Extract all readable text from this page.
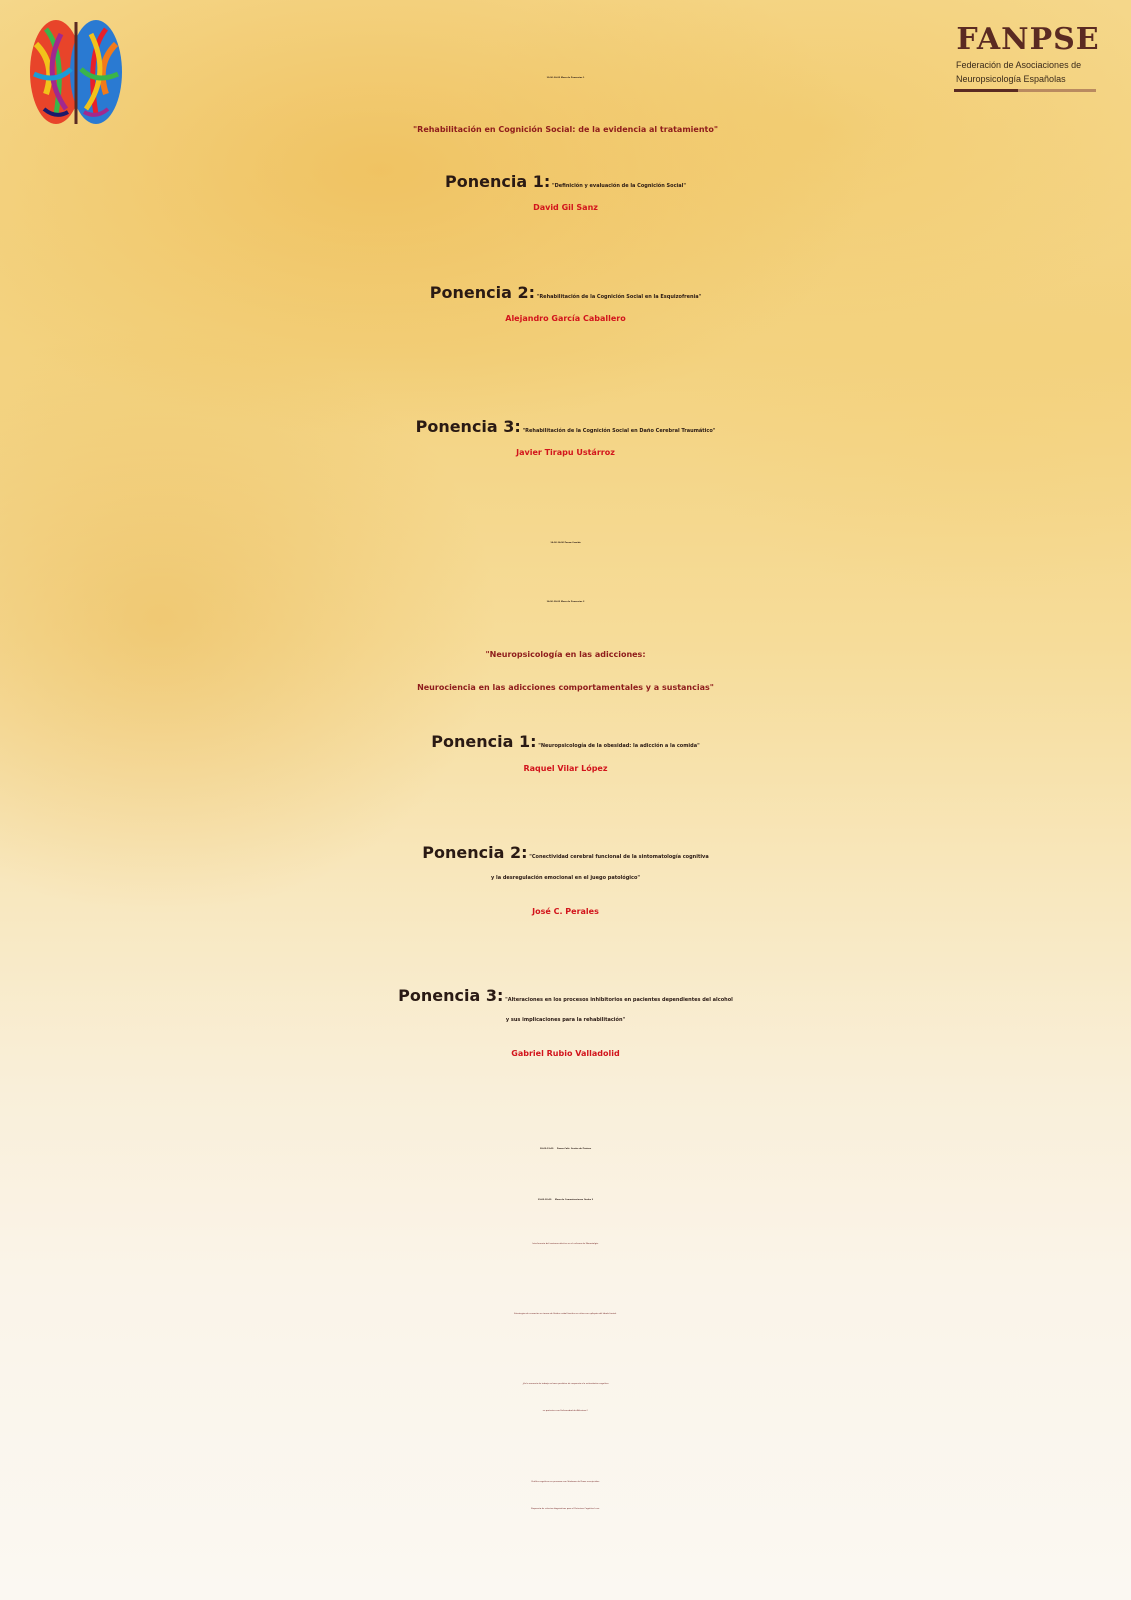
FANPSE
Federación de Asociaciones de
Neuropsicología Españolas
12:00-14:00 Mesa de Ponencias 1
"Rehabilitación en Cognición Social: de la evidencia al tratamiento"
Ponencia 1: "Definición y evaluación de la Cognición Social"
David Gil Sanz
Ponencia 2: "Rehabilitación de la Cognición Social en la Esquizofrenia"
Alejandro García Caballero
Ponencia 3: "Rehabilitación de la Cognición Social en Daño Cerebral Traumático"
Javier Tirapu Ustárroz
14:00-16:00 Pausa-Comida
16:00-18:00 Mesa de Ponencias 2
"Neuropsicología en las adicciones:
Neurociencia en las adicciones comportamentales y a sustancias"
Ponencia 1: "Neuropsicología de la obesidad: la adicción a la comida"
Raquel Vilar López
Ponencia 2: "Conectividad cerebral funcional de la sintomatología cognitiva
y la desregulación emocional en el juego patológico"
José C. Perales
Ponencia 3: "Alteraciones en los procesos inhibitorios en pacientes dependientes del alcohol
y sus implicaciones para la rehabilitación"
Gabriel Rubio Valladolid
18:00-19:00 Pausa-Café. Sesión de Pósters
19:00-20:00 Mesa de Comunicaciones Orales 2
Interferencia del trastorno afectivo en el enfermo de Fibromialgia.
Estrategias de evocación en tareas de fluidez verbal fonética en niños con epilepsia del lóbulo frontal.
¿Es la memoria de trabajo un buen predictor de respuesta a la estimulación cognitiva
en pacientes con Enfermedad de Alzheimer?.
Perfiles cognitivos en personas con Síndrome de Down envejecidas:
Propuesta de criterios diagnósticos para el Deterioro Cognitivo Leve.
